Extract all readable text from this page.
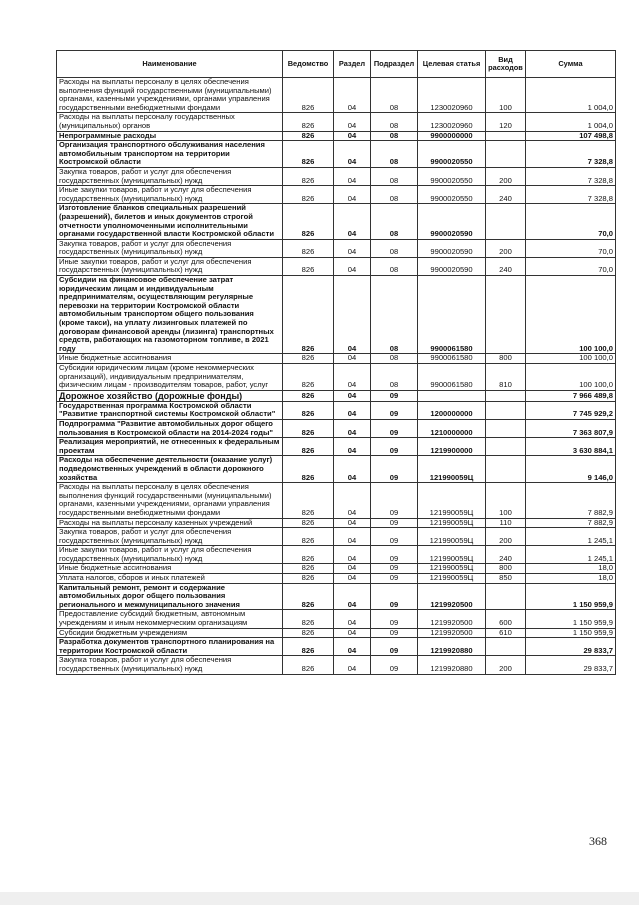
Наименование	Ведомство	Раздел	Подраздел	Целевая статья	Вид расходов	Сумма
Расходы на выплаты персоналу в целях обеспечения выполнения функций государственными (муниципальными) органами, казенными учреждениями, органами управления государственными внебюджетными фондами	826	04	08	1230020960	100	1 004,0
Расходы на выплаты персоналу государственных (муниципальных) органов	826	04	08	1230020960	120	1 004,0
Непрограммные расходы	826	04	08	9900000000		107 498,8
Организация транспортного обслуживания населения автомобильным транспортом на территории Костромской области	826	04	08	9900020550		7 328,8
Закупка товаров, работ и услуг для обеспечения государственных (муниципальных) нужд	826	04	08	9900020550	200	7 328,8
Иные закупки товаров, работ и услуг для обеспечения государственных (муниципальных) нужд	826	04	08	9900020550	240	7 328,8
Изготовление бланков специальных разрешений (разрешений), билетов и иных документов строгой отчетности уполномоченными исполнительными органами государственной власти Костромской области	826	04	08	9900020590		70,0
Закупка товаров, работ и услуг для обеспечения государственных (муниципальных) нужд	826	04	08	9900020590	200	70,0
Иные закупки товаров, работ и услуг для обеспечения государственных (муниципальных) нужд	826	04	08	9900020590	240	70,0
Субсидии на финансовое обеспечение затрат юридическим лицам и индивидуальным предпринимателям, осуществляющим регулярные перевозки на территории Костромской области автомобильным транспортом общего пользования (кроме такси), на уплату лизинговых платежей по договорам финансовой аренды (лизинга) транспортных средств, работающих на газомоторном топливе, в 2021 году	826	04	08	9900061580		100 100,0
Иные бюджетные ассигнования	826	04	08	9900061580	800	100 100,0
Субсидии юридическим лицам (кроме некоммерческих организаций), индивидуальным предпринимателям, физическим лицам - производителям товаров, работ, услуг	826	04	08	9900061580	810	100 100,0
Дорожное хозяйство (дорожные фонды)	826	04	09			7 966 489,8
Государственная программа Костромской области "Развитие транспортной системы Костромской области"	826	04	09	1200000000		7 745 929,2
Подпрограмма "Развитие автомобильных дорог общего пользования в Костромской области на 2014-2024 годы"	826	04	09	1210000000		7 363 807,9
Реализация мероприятий, не отнесенных к федеральным проектам	826	04	09	1219900000		3 630 884,1
Расходы на обеспечение деятельности (оказание услуг) подведомственных учреждений в области дорожного хозяйства	826	04	09	121990059Ц		9 146,0
Расходы на выплаты персоналу в целях обеспечения выполнения функций государственными (муниципальными) органами, казенными учреждениями, органами управления государственными внебюджетными фондами	826	04	09	121990059Ц	100	7 882,9
Расходы на выплаты персоналу казенных учреждений	826	04	09	121990059Ц	110	7 882,9
Закупка товаров, работ и услуг для обеспечения государственных (муниципальных) нужд	826	04	09	121990059Ц	200	1 245,1
Иные закупки товаров, работ и услуг для обеспечения государственных (муниципальных) нужд	826	04	09	121990059Ц	240	1 245,1
Иные бюджетные ассигнования	826	04	09	121990059Ц	800	18,0
Уплата налогов, сборов и иных платежей	826	04	09	121990059Ц	850	18,0
Капитальный ремонт, ремонт и содержание автомобильных дорог общего пользования регионального и межмуниципального значения	826	04	09	1219920500		1 150 959,9
Предоставление субсидий бюджетным, автономным учреждениям и иным некоммерческим организациям	826	04	09	1219920500	600	1 150 959,9
Субсидии бюджетным учреждениям	826	04	09	1219920500	610	1 150 959,9
Разработка документов транспортного планирования на территории Костромской области	826	04	09	1219920880		29 833,7
Закупка товаров, работ и услуг для обеспечения государственных (муниципальных) нужд	826	04	09	1219920880	200	29 833,7
368
